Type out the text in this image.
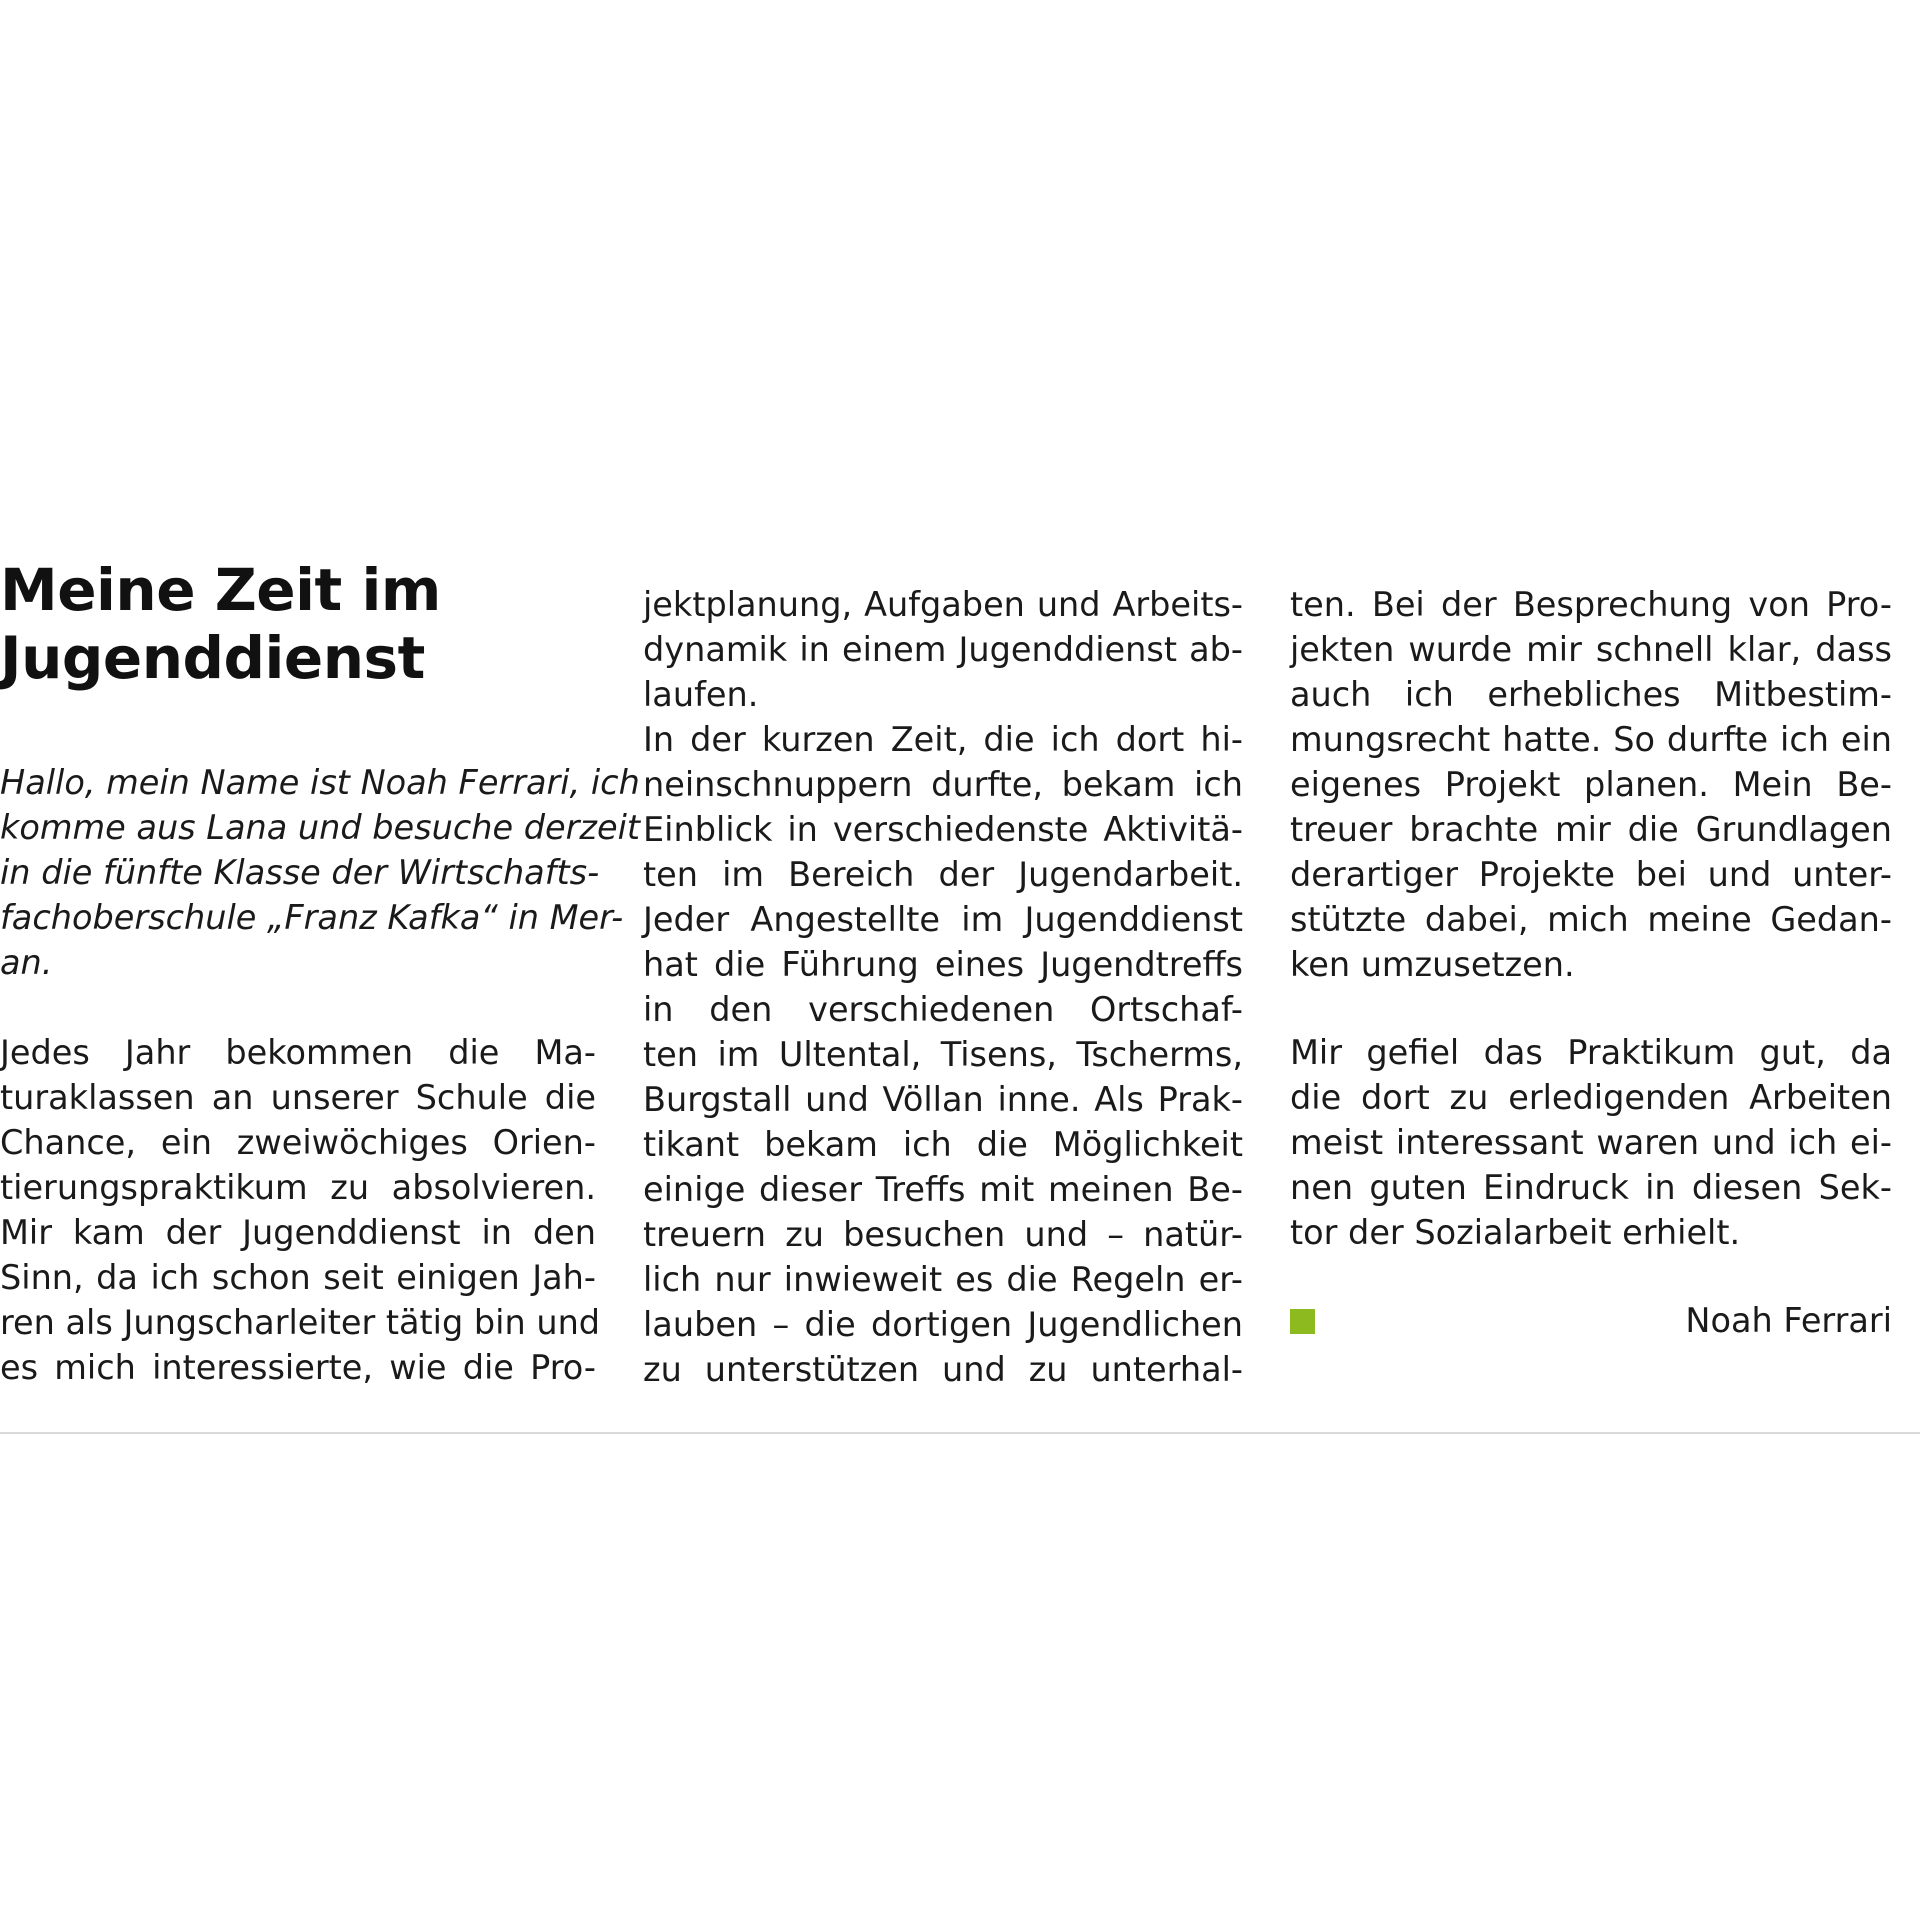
Meine Zeit im
Jugenddienst
Hallo, mein Name ist Noah Ferrari, ich
komme aus Lana und besuche derzeit
in die fünfte Klasse der Wirtschafts-
fachoberschule „Franz Kafka“ in Mer-
an.
Jedes Jahr bekommen die Ma-
turaklassen an unserer Schule die
Chance, ein zweiwöchiges Orien-
tierungspraktikum zu absolvieren.
Mir kam der Jugenddienst in den
Sinn, da ich schon seit einigen Jah-
ren als Jungscharleiter tätig bin und
es mich interessierte, wie die Pro-
jektplanung, Aufgaben und Arbeits-
dynamik in einem Jugenddienst ab-
laufen.
In der kurzen Zeit, die ich dort hi-
neinschnuppern durfte, bekam ich
Einblick in verschiedenste Aktivitä-
ten im Bereich der Jugendarbeit.
Jeder Angestellte im Jugenddienst
hat die Führung eines Jugendtreffs
in den verschiedenen Ortschaf-
ten im Ultental, Tisens, Tscherms,
Burgstall und Völlan inne. Als Prak-
tikant bekam ich die Möglichkeit
einige dieser Treffs mit meinen Be-
treuern zu besuchen und – natür-
lich nur inwieweit es die Regeln er-
lauben – die dortigen Jugendlichen
zu unterstützen und zu unterhal-
ten. Bei der Besprechung von Pro-
jekten wurde mir schnell klar, dass
auch ich erhebliches Mitbestim-
mungsrecht hatte. So durfte ich ein
eigenes Projekt planen. Mein Be-
treuer brachte mir die Grundlagen
derartiger Projekte bei und unter-
stützte dabei, mich meine Gedan-
ken umzusetzen.
Mir gefiel das Praktikum gut, da
die dort zu erledigenden Arbeiten
meist interessant waren und ich ei-
nen guten Eindruck in diesen Sek-
tor der Sozialarbeit erhielt.
Noah Ferrari
